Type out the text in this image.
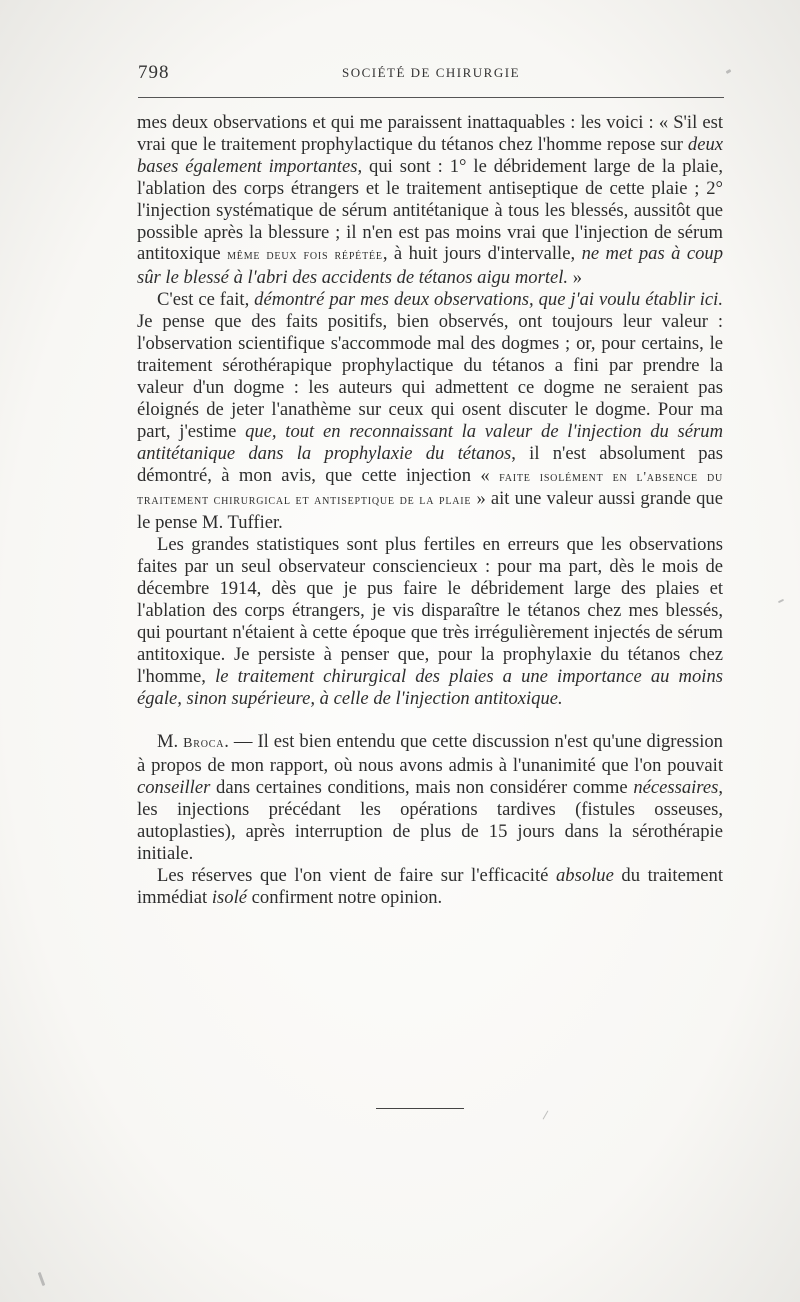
798	SOCIÉTÉ DE CHIRURGIE

mes deux observations et qui me paraissent inattaquables : les voici : « S'il est vrai que le traitement prophylactique du tétanos chez l'homme repose sur deux bases également importantes, qui sont : 1° le débridement large de la plaie, l'ablation des corps étrangers et le traitement antiseptique de cette plaie ; 2° l'injection systématique de sérum antitétanique à tous les blessés, aussitôt que possible après la blessure ; il n'en est pas moins vrai que l'injection de sérum antitoxique même deux fois répétée, à huit jours d'intervalle, ne met pas à coup sûr le blessé à l'abri des accidents de tétanos aigu mortel. »

C'est ce fait, démontré par mes deux observations, que j'ai voulu établir ici. Je pense que des faits positifs, bien observés, ont toujours leur valeur : l'observation scientifique s'accommode mal des dogmes ; or, pour certains, le traitement sérothérapique prophylactique du tétanos a fini par prendre la valeur d'un dogme : les auteurs qui admettent ce dogme ne seraient pas éloignés de jeter l'anathème sur ceux qui osent discuter le dogme. Pour ma part, j'estime que, tout en reconnaissant la valeur de l'injection du sérum antitétanique dans la prophylaxie du tétanos, il n'est absolument pas démontré, à mon avis, que cette injection « faite isolément en l'absence du traitement chirurgical et antiseptique de la plaie » ait une valeur aussi grande que le pense M. Tuffier.

Les grandes statistiques sont plus fertiles en erreurs que les observations faites par un seul observateur consciencieux : pour ma part, dès le mois de décembre 1914, dès que je pus faire le débridement large des plaies et l'ablation des corps étrangers, je vis disparaître le tétanos chez mes blessés, qui pourtant n'étaient à cette époque que très irrégulièrement injectés de sérum antitoxique. Je persiste à penser que, pour la prophylaxie du tétanos chez l'homme, le traitement chirurgical des plaies a une importance au moins égale, sinon supérieure, à celle de l'injection antitoxique.

M. Broca. — Il est bien entendu que cette discussion n'est qu'une digression à propos de mon rapport, où nous avons admis à l'unanimité que l'on pouvait conseiller dans certaines conditions, mais non considérer comme nécessaires, les injections précédant les opérations tardives (fistules osseuses, autoplasties), après interruption de plus de 15 jours dans la sérothérapie initiale.

Les réserves que l'on vient de faire sur l'efficacité absolue du traitement immédiat isolé confirment notre opinion.
